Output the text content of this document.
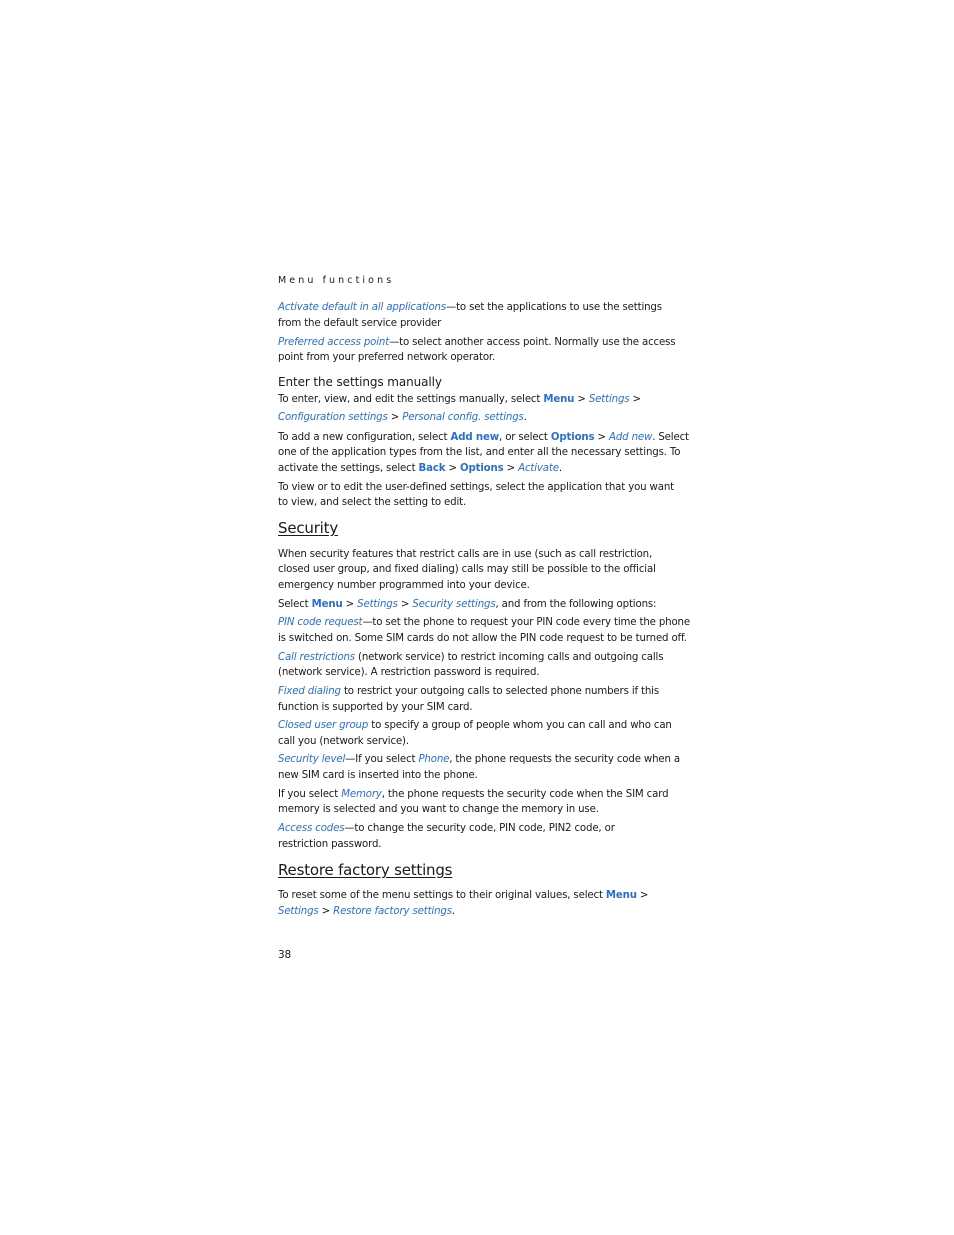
Menu functions
Activate default in all applications—to set the applications to use the settings
from the default service provider
Preferred access point—to select another access point. Normally use the access
point from your preferred network operator.
Enter the settings manually
To enter, view, and edit the settings manually, select Menu > Settings >
Configuration settings > Personal config. settings.
To add a new configuration, select Add new, or select Options > Add new. Select
one of the application types from the list, and enter all the necessary settings. To
activate the settings, select Back > Options > Activate.
To view or to edit the user-defined settings, select the application that you want
to view, and select the setting to edit.
Security
When security features that restrict calls are in use (such as call restriction,
closed user group, and fixed dialing) calls may still be possible to the official
emergency number programmed into your device.
Select Menu > Settings > Security settings, and from the following options:
PIN code request—to set the phone to request your PIN code every time the phone
is switched on. Some SIM cards do not allow the PIN code request to be turned off.
Call restrictions (network service) to restrict incoming calls and outgoing calls
(network service). A restriction password is required.
Fixed dialing to restrict your outgoing calls to selected phone numbers if this
function is supported by your SIM card.
Closed user group to specify a group of people whom you can call and who can
call you (network service).
Security level—If you select Phone, the phone requests the security code when a
new SIM card is inserted into the phone.
If you select Memory, the phone requests the security code when the SIM card
memory is selected and you want to change the memory in use.
Access codes—to change the security code, PIN code, PIN2 code, or
restriction password.
Restore factory settings
To reset some of the menu settings to their original values, select Menu >
Settings > Restore factory settings.
38
